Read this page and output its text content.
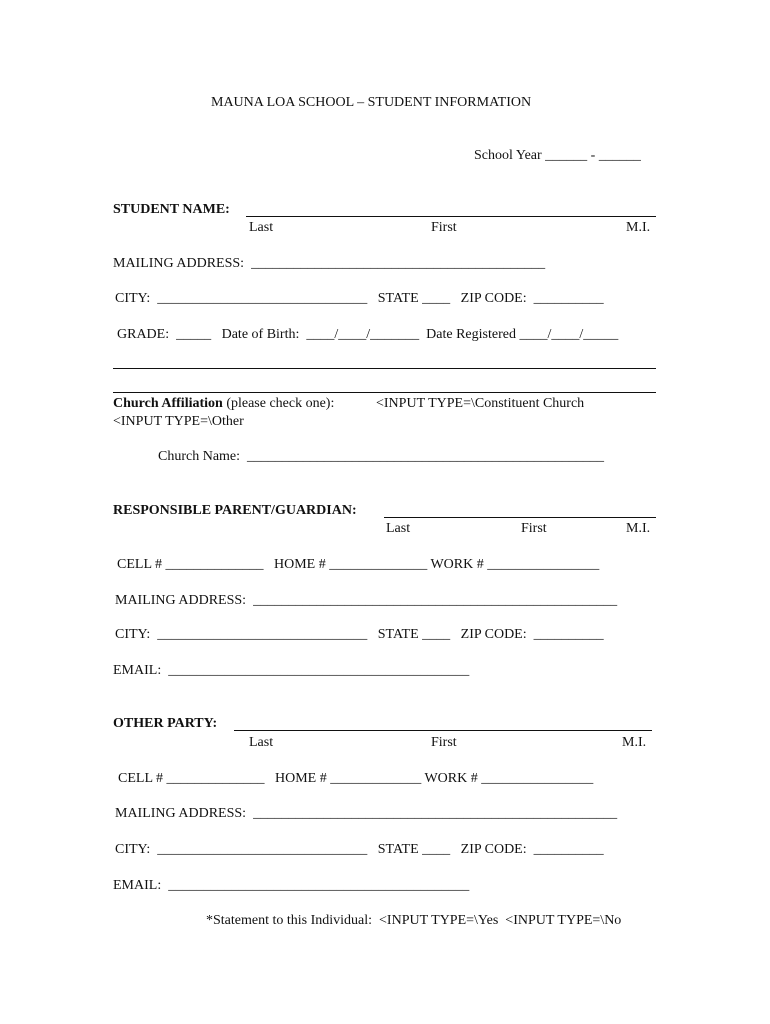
MAUNA LOA SCHOOL – STUDENT INFORMATION
School Year ______ - ______
STUDENT NAME:
Last	First	M.I.
MAILING ADDRESS:  __________________________________________
CITY:  ______________________________   STATE ____   ZIP CODE:  __________
GRADE:  _____   Date of Birth:  ____/____/_______  Date Registered ____/____/_____
Church Affiliation (please check one):	<INPUT TYPE=\Constituent Church
<INPUT TYPE=\Other
Church Name:  ___________________________________________________
RESPONSIBLE PARENT/GUARDIAN:
Last	First	M.I.
CELL # ______________   HOME # ______________ WORK # ________________
MAILING ADDRESS:  ____________________________________________________
CITY:  ______________________________   STATE ____   ZIP CODE:  __________
EMAIL:  ___________________________________________
OTHER PARTY:
Last	First	M.I.
CELL # ______________   HOME # _____________ WORK # ________________
MAILING ADDRESS:  ____________________________________________________
CITY:  ______________________________   STATE ____   ZIP CODE:  __________
EMAIL:  ___________________________________________
*Statement to this Individual:  <INPUT TYPE=\Yes  <INPUT TYPE=\No
